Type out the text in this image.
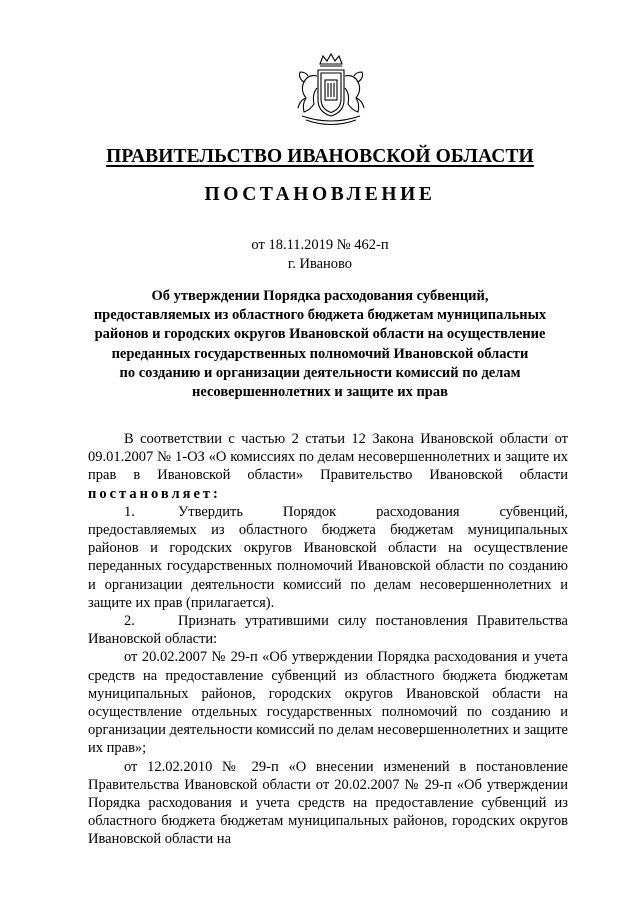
ПРАВИТЕЛЬСТВО ИВАНОВСКОЙ ОБЛАСТИ
ПОСТАНОВЛЕНИЕ
от 18.11.2019 № 462-п
г. Иваново
Об утверждении Порядка расходования субвенций,
предоставляемых из областного бюджета бюджетам муниципальных
районов и городских округов Ивановской области на осуществление
переданных государственных полномочий Ивановской области
по созданию и организации деятельности комиссий по делам
несовершеннолетних и защите их прав

В соответствии с частью 2 статьи 12 Закона Ивановской области от 09.01.2007 № 1-ОЗ «О комиссиях по делам несовершеннолетних и защите их прав в Ивановской области» Правительство Ивановской области постановляет:

1.	Утвердить Порядок расходования субвенций, предоставляемых из областного бюджета бюджетам муниципальных районов и городских округов Ивановской области на осуществление переданных государственных полномочий Ивановской области по созданию и организации деятельности комиссий по делам несовершеннолетних и защите их прав (прилагается).

2.	Признать утратившими силу постановления Правительства Ивановской области:

от 20.02.2007 № 29-п «Об утверждении Порядка расходования и учета средств на предоставление субвенций из областного бюджета бюджетам муниципальных районов, городских округов Ивановской области на осуществление отдельных государственных полномочий по созданию и организации деятельности комиссий по делам несовершеннолетних и защите их прав»;

от 12.02.2010 № 29-п «О внесении изменений в постановление Правительства Ивановской области от 20.02.2007 № 29-п «Об утверждении Порядка расходования и учета средств на предоставление субвенций из областного бюджета бюджетам муниципальных районов, городских округов Ивановской области на
